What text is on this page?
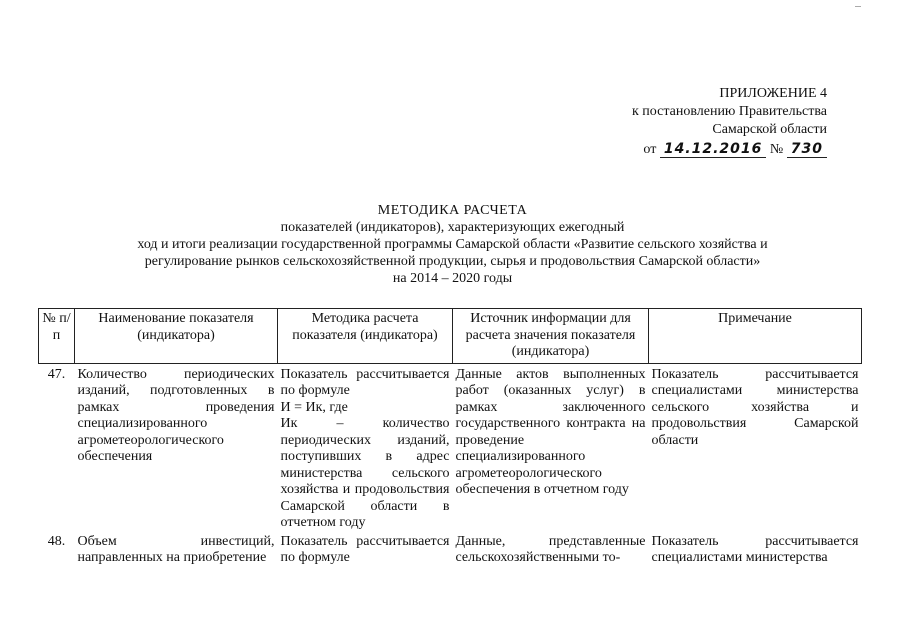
ПРИЛОЖЕНИЕ 4
к постановлению Правительства
Самарской области
от 14.12.2016 № 730
МЕТОДИКА РАСЧЕТА
показателей (индикаторов), характеризующих ежегодный
ход и итоги реализации государственной программы Самарской области «Развитие сельского хозяйства и
регулирование рынков сельскохозяйственной продукции, сырья и продовольствия Самарской области»
на 2014 – 2020 годы
№ п/п	Наименование показателя (индикатора)	Методика расчета показателя (индикатора)	Источник информации для расчета значения показателя (индикатора)	Примечание
47.	Количество периодических изданий, подготовленных в рамках проведения специализированного агрометеорологического обеспечения	Показатель рассчитывается по формуле
И = Ик, где
Ик – количество периодических изданий, поступивших в адрес министерства сельского хозяйства и продовольствия Самарской области в отчетном году	Данные актов выполненных работ (оказанных услуг) в рамках заключенного государственного контракта на проведение специализированного агрометеорологического обеспечения в отчетном году	Показатель рассчитывается специалистами министерства сельского хозяйства и продовольствия Самарской области
48.	Объем инвестиций, направленных на приобретение	Показатель рассчитывается по формуле	Данные, представленные сельскохозяйственными то-	Показатель рассчитывается специалистами министерства
